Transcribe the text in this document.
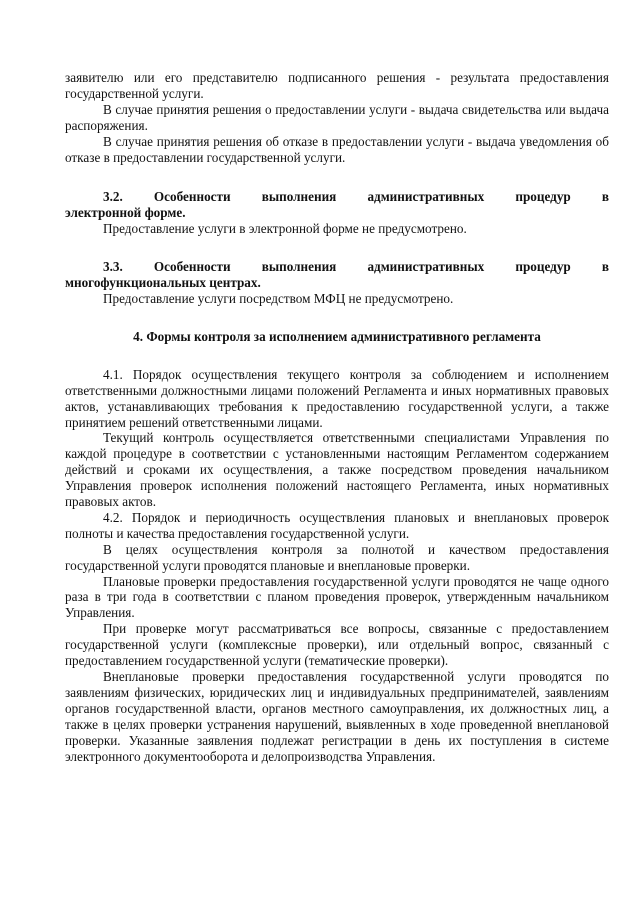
заявителю или его представителю подписанного решения - результата предоставления государственной услуги.

В случае принятия решения о предоставлении услуги - выдача свидетельства или выдача распоряжения.

В случае принятия решения об отказе в предоставлении услуги - выдача уведомления об отказе в предоставлении государственной услуги.

3.2. Особенности выполнения административных процедур в

электронной форме.

Предоставление услуги в электронной форме не предусмотрено.

3.3. Особенности выполнения административных процедур в

многофункциональных центрах.

Предоставление услуги посредством МФЦ не предусмотрено.

4. Формы контроля за исполнением административного регламента

4.1. Порядок осуществления текущего контроля за соблюдением и исполнением ответственными должностными лицами положений Регламента и иных нормативных правовых актов, устанавливающих требования к предоставлению государственной услуги, а также принятием решений ответственными лицами.

Текущий контроль осуществляется ответственными специалистами Управления по каждой процедуре в соответствии с установленными настоящим Регламентом содержанием действий и сроками их осуществления, а также посредством проведения начальником Управления проверок исполнения положений настоящего Регламента, иных нормативных правовых актов.

4.2. Порядок и периодичность осуществления плановых и внеплановых проверок полноты и качества предоставления государственной услуги.

В целях осуществления контроля за полнотой и качеством предоставления государственной услуги проводятся плановые и внеплановые проверки.

Плановые проверки предоставления государственной услуги проводятся не чаще одного раза в три года в соответствии с планом проведения проверок, утвержденным начальником Управления.

При проверке могут рассматриваться все вопросы, связанные с предоставлением государственной услуги (комплексные проверки), или отдельный вопрос, связанный с предоставлением государственной услуги (тематические проверки).

Внеплановые проверки предоставления государственной услуги проводятся по заявлениям физических, юридических лиц и индивидуальных предпринимателей, заявлениям органов государственной власти, органов местного самоуправления, их должностных лиц, а также в целях проверки устранения нарушений, выявленных в ходе проведенной внеплановой проверки. Указанные заявления подлежат регистрации в день их поступления в системе электронного документооборота и делопроизводства Управления.
